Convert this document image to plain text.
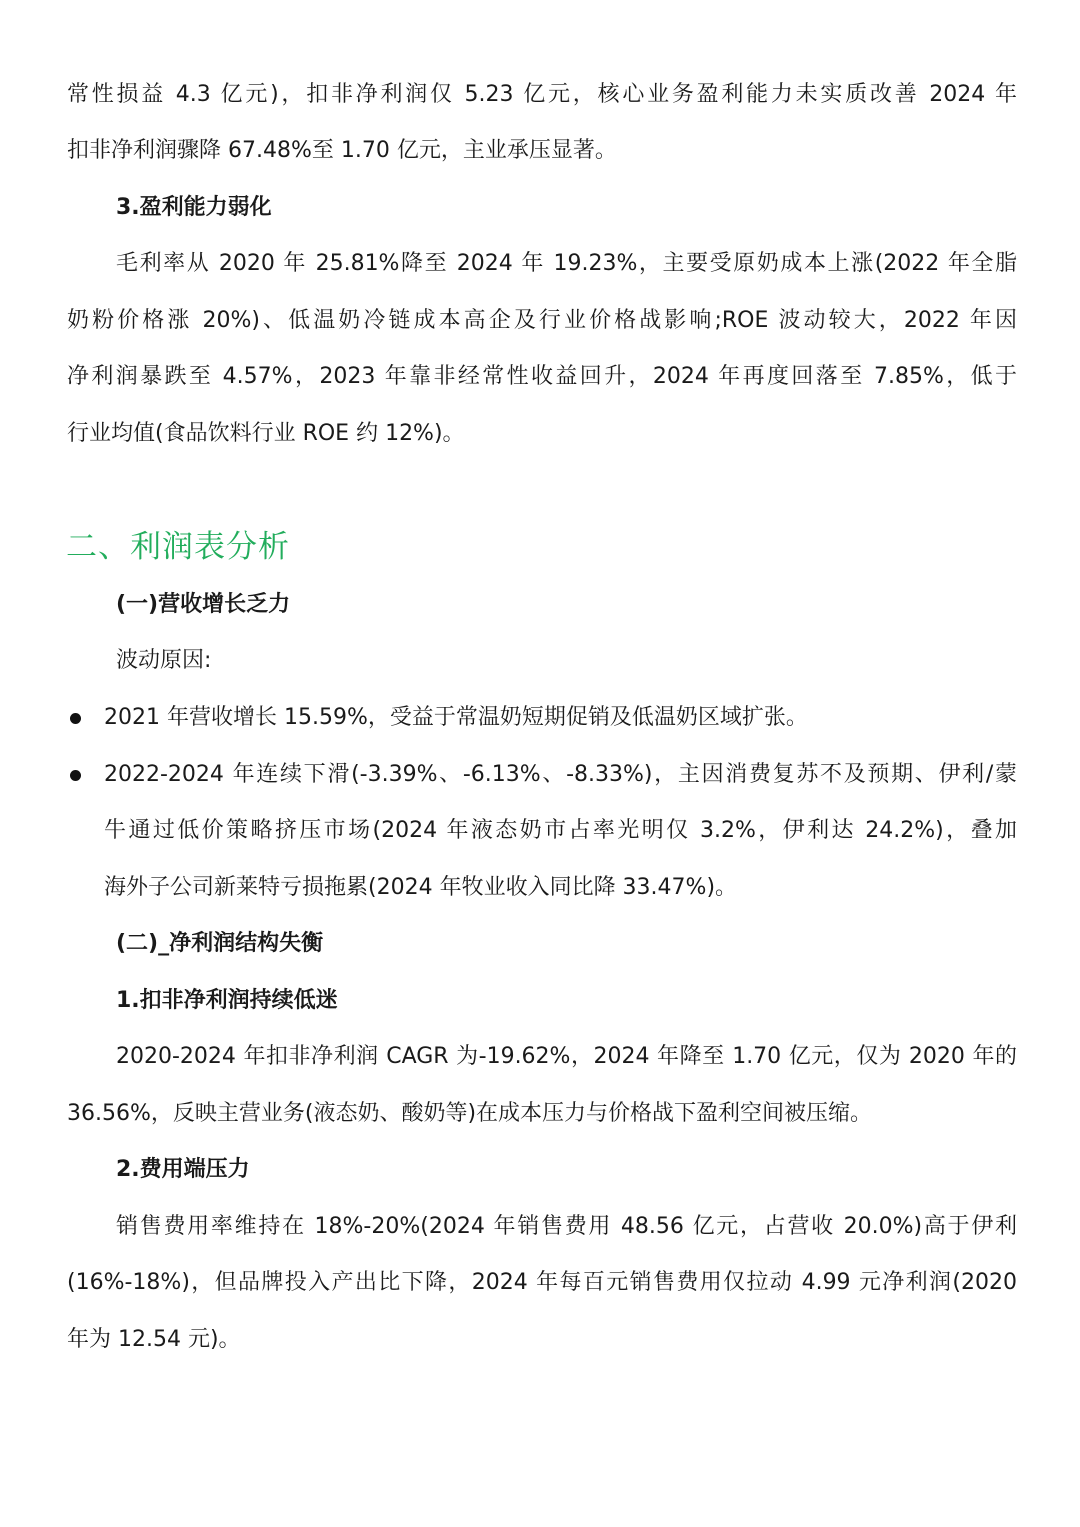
常性损益 4.3 亿元)，扣非净利润仅 5.23 亿元，核心业务盈利能力未实质改善 2024 年
扣非净利润骤降 67.48%至 1.70 亿元，主业承压显著。
3.盈利能力弱化
毛利率从 2020 年 25.81%降至 2024 年 19.23%，主要受原奶成本上涨(2022 年全脂
奶粉价格涨 20%)、低温奶冷链成本高企及行业价格战影响;ROE 波动较大，2022 年因
净利润暴跌至 4.57%，2023 年靠非经常性收益回升，2024 年再度回落至 7.85%，低于
行业均值(食品饮料行业 ROE 约 12%)。
二、利润表分析
(一)营收增长乏力
波动原因:
2021 年营收增长 15.59%，受益于常温奶短期促销及低温奶区域扩张。
2022-2024 年连续下滑(-3.39%、-6.13%、-8.33%)，主因消费复苏不及预期、伊利/蒙
牛通过低价策略挤压市场(2024 年液态奶市占率光明仅 3.2%，伊利达 24.2%)，叠加
海外子公司新莱特亏损拖累(2024 年牧业收入同比降 33.47%)。
(二)_净利润结构失衡
1.扣非净利润持续低迷
2020-2024 年扣非净利润 CAGR 为-19.62%，2024 年降至 1.70 亿元，仅为 2020 年的
36.56%，反映主营业务(液态奶、酸奶等)在成本压力与价格战下盈利空间被压缩。
2.费用端压力
销售费用率维持在 18%-20%(2024 年销售费用 48.56 亿元，占营收 20.0%)高于伊利
(16%-18%)，但品牌投入产出比下降，2024 年每百元销售费用仅拉动 4.99 元净利润(2020
年为 12.54 元)。
